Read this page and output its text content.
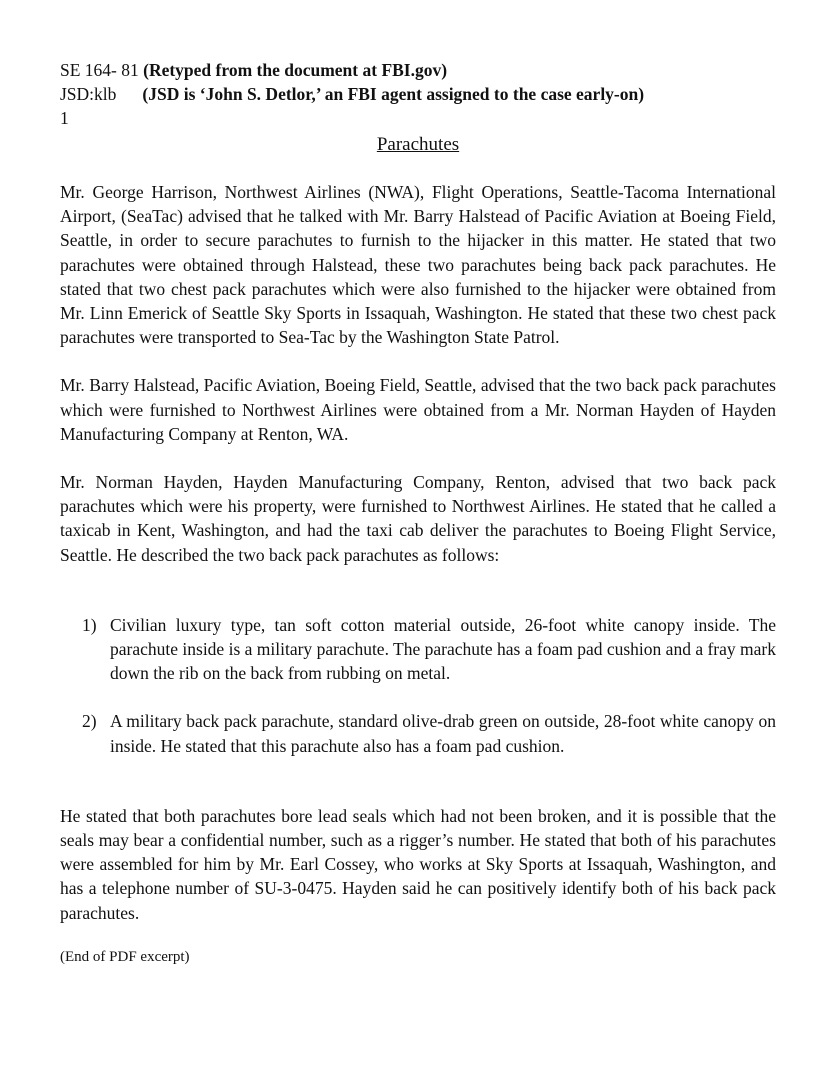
SE 164- 81 (Retyped from the document at FBI.gov)
JSD:klb (JSD is ‘John S. Detlor,’ an FBI agent assigned to the case early-on)
1
Parachutes

Mr. George Harrison, Northwest Airlines (NWA), Flight Operations, Seattle-Tacoma International Airport, (SeaTac) advised that he talked with Mr. Barry Halstead of Pacific Aviation at Boeing Field, Seattle, in order to secure parachutes to furnish to the hijacker in this matter. He stated that two parachutes were obtained through Halstead, these two parachutes being back pack parachutes. He stated that two chest pack parachutes which were also furnished to the hijacker were obtained from Mr. Linn Emerick of Seattle Sky Sports in Issaquah, Washington. He stated that these two chest pack parachutes were transported to Sea-Tac by the Washington State Patrol.

Mr. Barry Halstead, Pacific Aviation, Boeing Field, Seattle, advised that the two back pack parachutes which were furnished to Northwest Airlines were obtained from a Mr. Norman Hayden of Hayden Manufacturing Company at Renton, WA.

Mr. Norman Hayden, Hayden Manufacturing Company, Renton, advised that two back pack parachutes which were his property, were furnished to Northwest Airlines. He stated that he called a taxicab in Kent, Washington, and had the taxi cab deliver the parachutes to Boeing Flight Service, Seattle. He described the two back pack parachutes as follows:

1) Civilian luxury type, tan soft cotton material outside, 26-foot white canopy inside. The parachute inside is a military parachute. The parachute has a foam pad cushion and a fray mark down the rib on the back from rubbing on metal.
2) A military back pack parachute, standard olive-drab green on outside, 28-foot white canopy on inside. He stated that this parachute also has a foam pad cushion.

He stated that both parachutes bore lead seals which had not been broken, and it is possible that the seals may bear a confidential number, such as a rigger’s number. He stated that both of his parachutes were assembled for him by Mr. Earl Cossey, who works at Sky Sports at Issaquah, Washington, and has a telephone number of SU-3-0475. Hayden said he can positively identify both of his back pack parachutes.

(End of PDF excerpt)
